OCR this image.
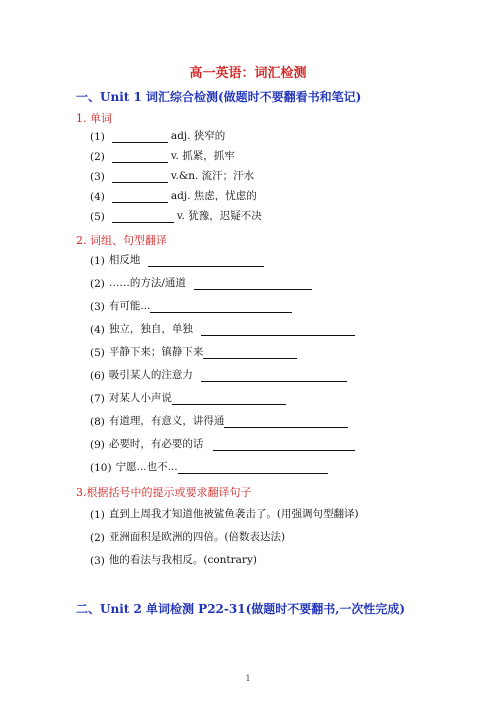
高一英语：词汇检测
一、Unit 1 词汇综合检测(做题时不要翻看书和笔记)
1. 单词
(1)	adj. 狭窄的
(2)	v. 抓紧，抓牢
(3)	v.&n. 流汗；汗水
(4)	adj. 焦虑，忧虑的
(5)	v. 犹豫，迟疑不决
2. 词组、句型翻译
(1) 相反地
(2) ……的方法/通道
(3) 有可能...
(4) 独立，独自，单独
(5) 平静下来；镇静下来
(6) 吸引某人的注意力
(7) 对某人小声说
(8) 有道理，有意义，讲得通
(9) 必要时，有必要的话
(10) 宁愿...也不...
3.根据括号中的提示或要求翻译句子
(1) 直到上周我才知道他被鲨鱼袭击了。(用强调句型翻译)
(2) 亚洲面积是欧洲的四倍。(倍数表达法)
(3) 他的看法与我相反。(contrary)
二、Unit 2 单词检测 P22-31(做题时不要翻书,一次性完成)
1
